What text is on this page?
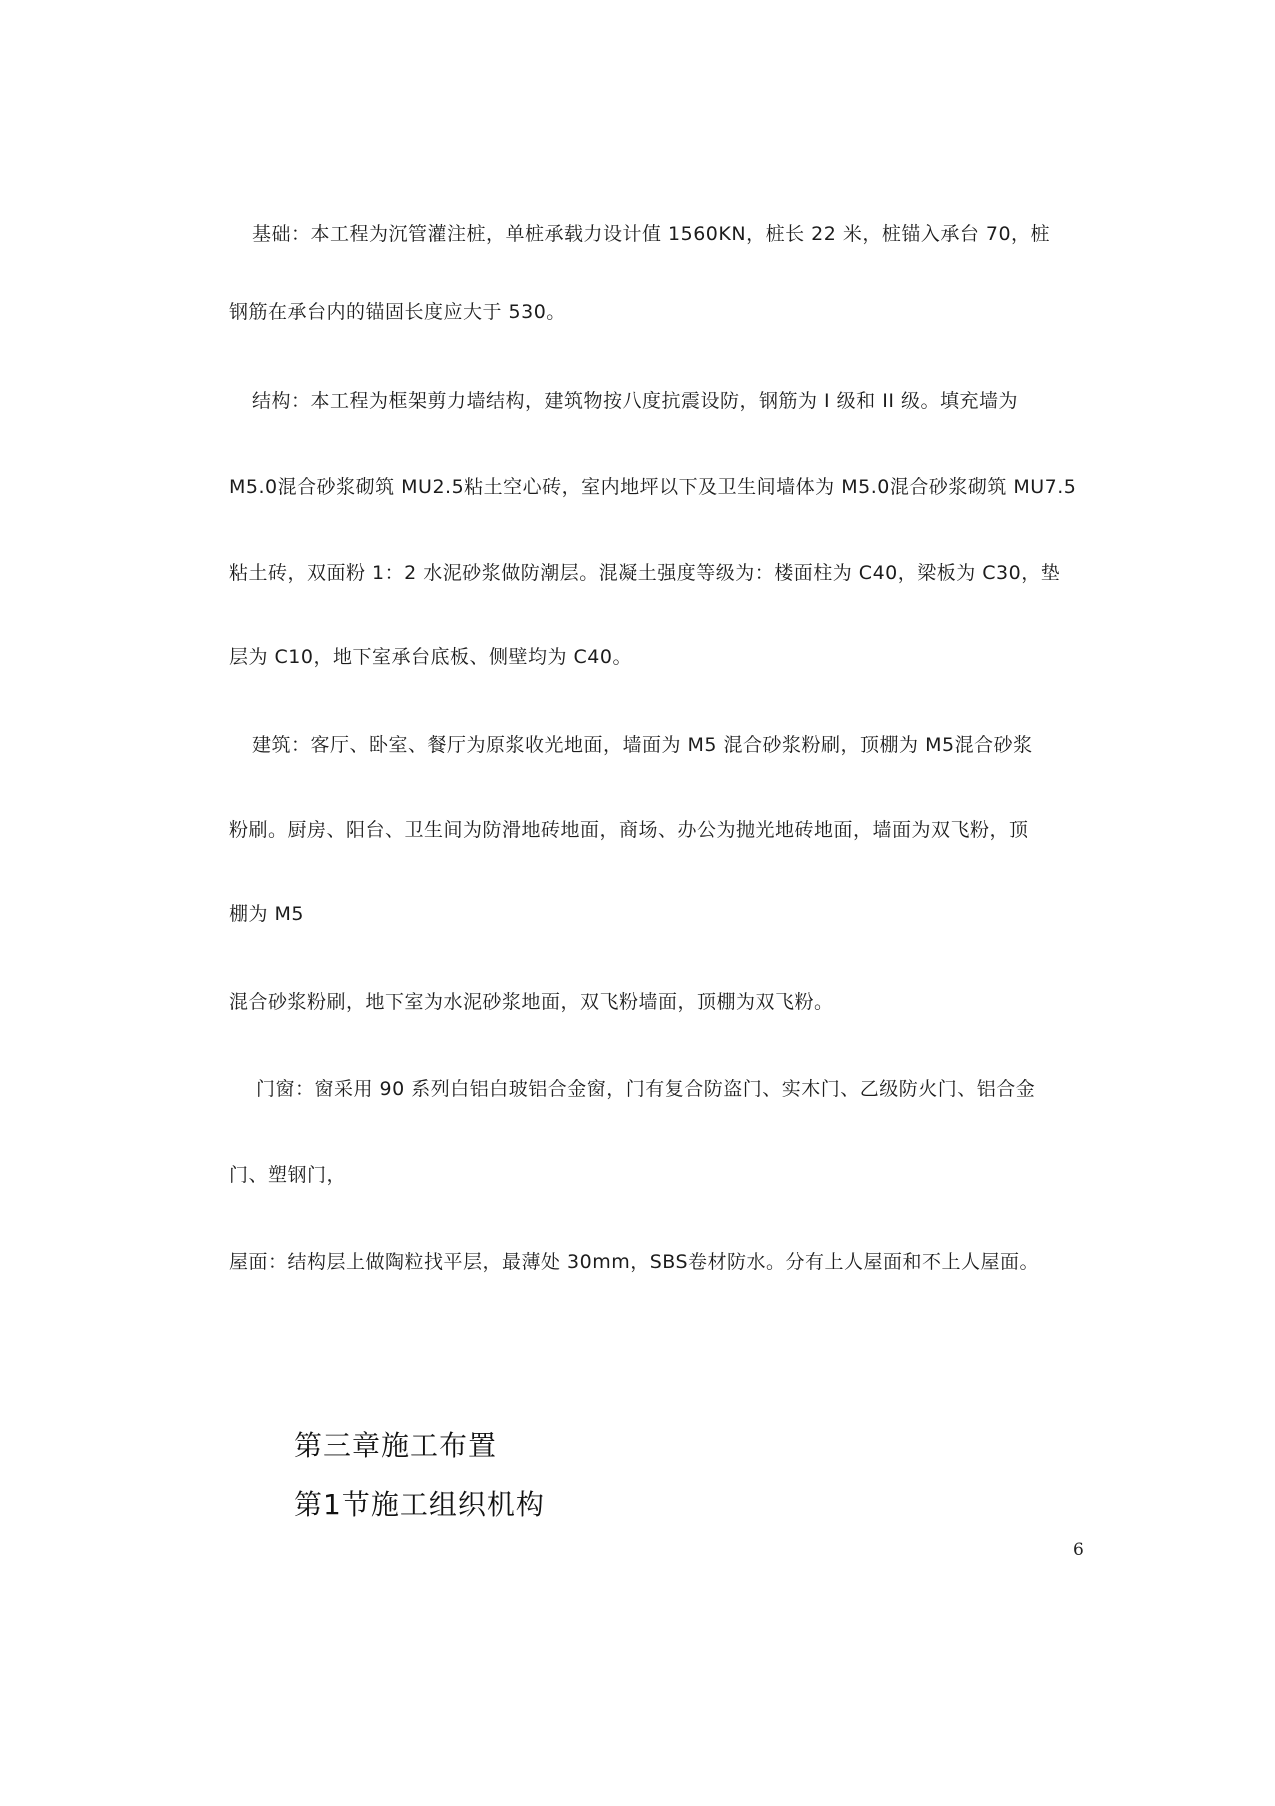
基础：本工程为沉管灌注桩，单桩承载力设计值 1560KN，桩长 22 米，桩锚入承台 70，桩
钢筋在承台内的锚固长度应大于 530。
结构：本工程为框架剪力墙结构，建筑物按八度抗震设防，钢筋为 I 级和 II 级。填充墙为
M5.0混合砂浆砌筑 MU2.5粘土空心砖，室内地坪以下及卫生间墙体为 M5.0混合砂浆砌筑 MU7.5
粘土砖，双面粉 1：2 水泥砂浆做防潮层。混凝土强度等级为：楼面柱为 C40，梁板为 C30，垫
层为 C10，地下室承台底板、侧壁均为 C40。
建筑：客厅、卧室、餐厅为原浆收光地面，墙面为 M5 混合砂浆粉刷，顶棚为 M5混合砂浆
粉刷。厨房、阳台、卫生间为防滑地砖地面，商场、办公为抛光地砖地面，墙面为双飞粉，顶
棚为 M5
混合砂浆粉刷，地下室为水泥砂浆地面，双飞粉墙面，顶棚为双飞粉。
门窗：窗采用 90 系列白铝白玻铝合金窗，门有复合防盗门、实木门、乙级防火门、铝合金
门、塑钢门，
屋面：结构层上做陶粒找平层，最薄处 30mm，SBS卷材防水。分有上人屋面和不上人屋面。
第三章施工布置
第1节施工组织机构
6
